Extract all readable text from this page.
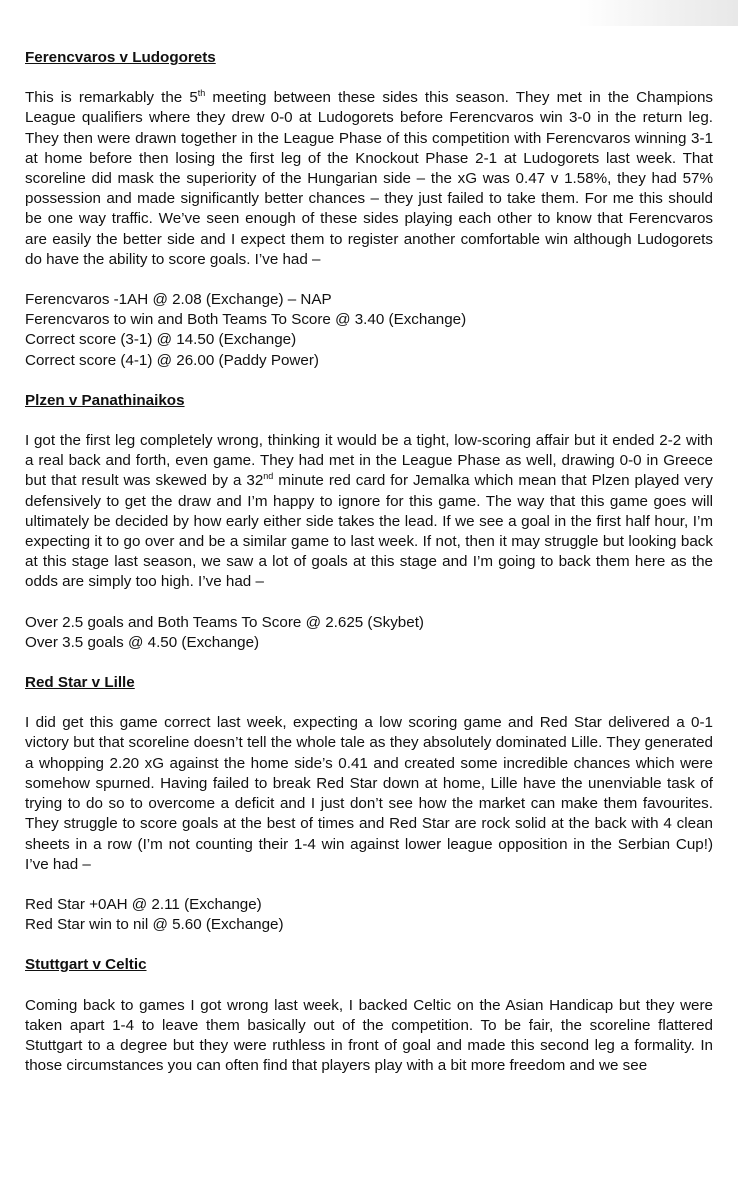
Ferencvaros v Ludogorets
This is remarkably the 5th meeting between these sides this season. They met in the Champions League qualifiers where they drew 0-0 at Ludogorets before Ferencvaros win 3-0 in the return leg. They then were drawn together in the League Phase of this competition with Ferencvaros winning 3-1 at home before then losing the first leg of the Knockout Phase 2-1 at Ludogorets last week. That scoreline did mask the superiority of the Hungarian side – the xG was 0.47 v 1.58%, they had 57% possession and made significantly better chances – they just failed to take them. For me this should be one way traffic. We’ve seen enough of these sides playing each other to know that Ferencvaros are easily the better side and I expect them to register another comfortable win although Ludogorets do have the ability to score goals. I’ve had –
Ferencvaros -1AH @ 2.08 (Exchange) – NAP
Ferencvaros to win and Both Teams To Score @ 3.40 (Exchange)
Correct score (3-1) @ 14.50 (Exchange)
Correct score (4-1) @ 26.00 (Paddy Power)
Plzen v Panathinaikos
I got the first leg completely wrong, thinking it would be a tight, low-scoring affair but it ended 2-2 with a real back and forth, even game. They had met in the League Phase as well, drawing 0-0 in Greece but that result was skewed by a 32nd minute red card for Jemalka which mean that Plzen played very defensively to get the draw and I’m happy to ignore for this game. The way that this game goes will ultimately be decided by how early either side takes the lead. If we see a goal in the first half hour, I’m expecting it to go over and be a similar game to last week. If not, then it may struggle but looking back at this stage last season, we saw a lot of goals at this stage and I’m going to back them here as the odds are simply too high. I’ve had –
Over 2.5 goals and Both Teams To Score @ 2.625 (Skybet)
Over 3.5 goals @ 4.50 (Exchange)
Red Star v Lille
I did get this game correct last week, expecting a low scoring game and Red Star delivered a 0-1 victory but that scoreline doesn’t tell the whole tale as they absolutely dominated Lille. They generated a whopping 2.20 xG against the home side’s 0.41 and created some incredible chances which were somehow spurned. Having failed to break Red Star down at home, Lille have the unenviable task of trying to do so to overcome a deficit and I just don’t see how the market can make them favourites. They struggle to score goals at the best of times and Red Star are rock solid at the back with 4 clean sheets in a row (I’m not counting their 1-4 win against lower league opposition in the Serbian Cup!) I’ve had –
Red Star +0AH @ 2.11 (Exchange)
Red Star win to nil @ 5.60 (Exchange)
Stuttgart v Celtic
Coming back to games I got wrong last week, I backed Celtic on the Asian Handicap but they were taken apart 1-4 to leave them basically out of the competition. To be fair, the scoreline flattered Stuttgart to a degree but they were ruthless in front of goal and made this second leg a formality. In those circumstances you can often find that players play with a bit more freedom and we see
